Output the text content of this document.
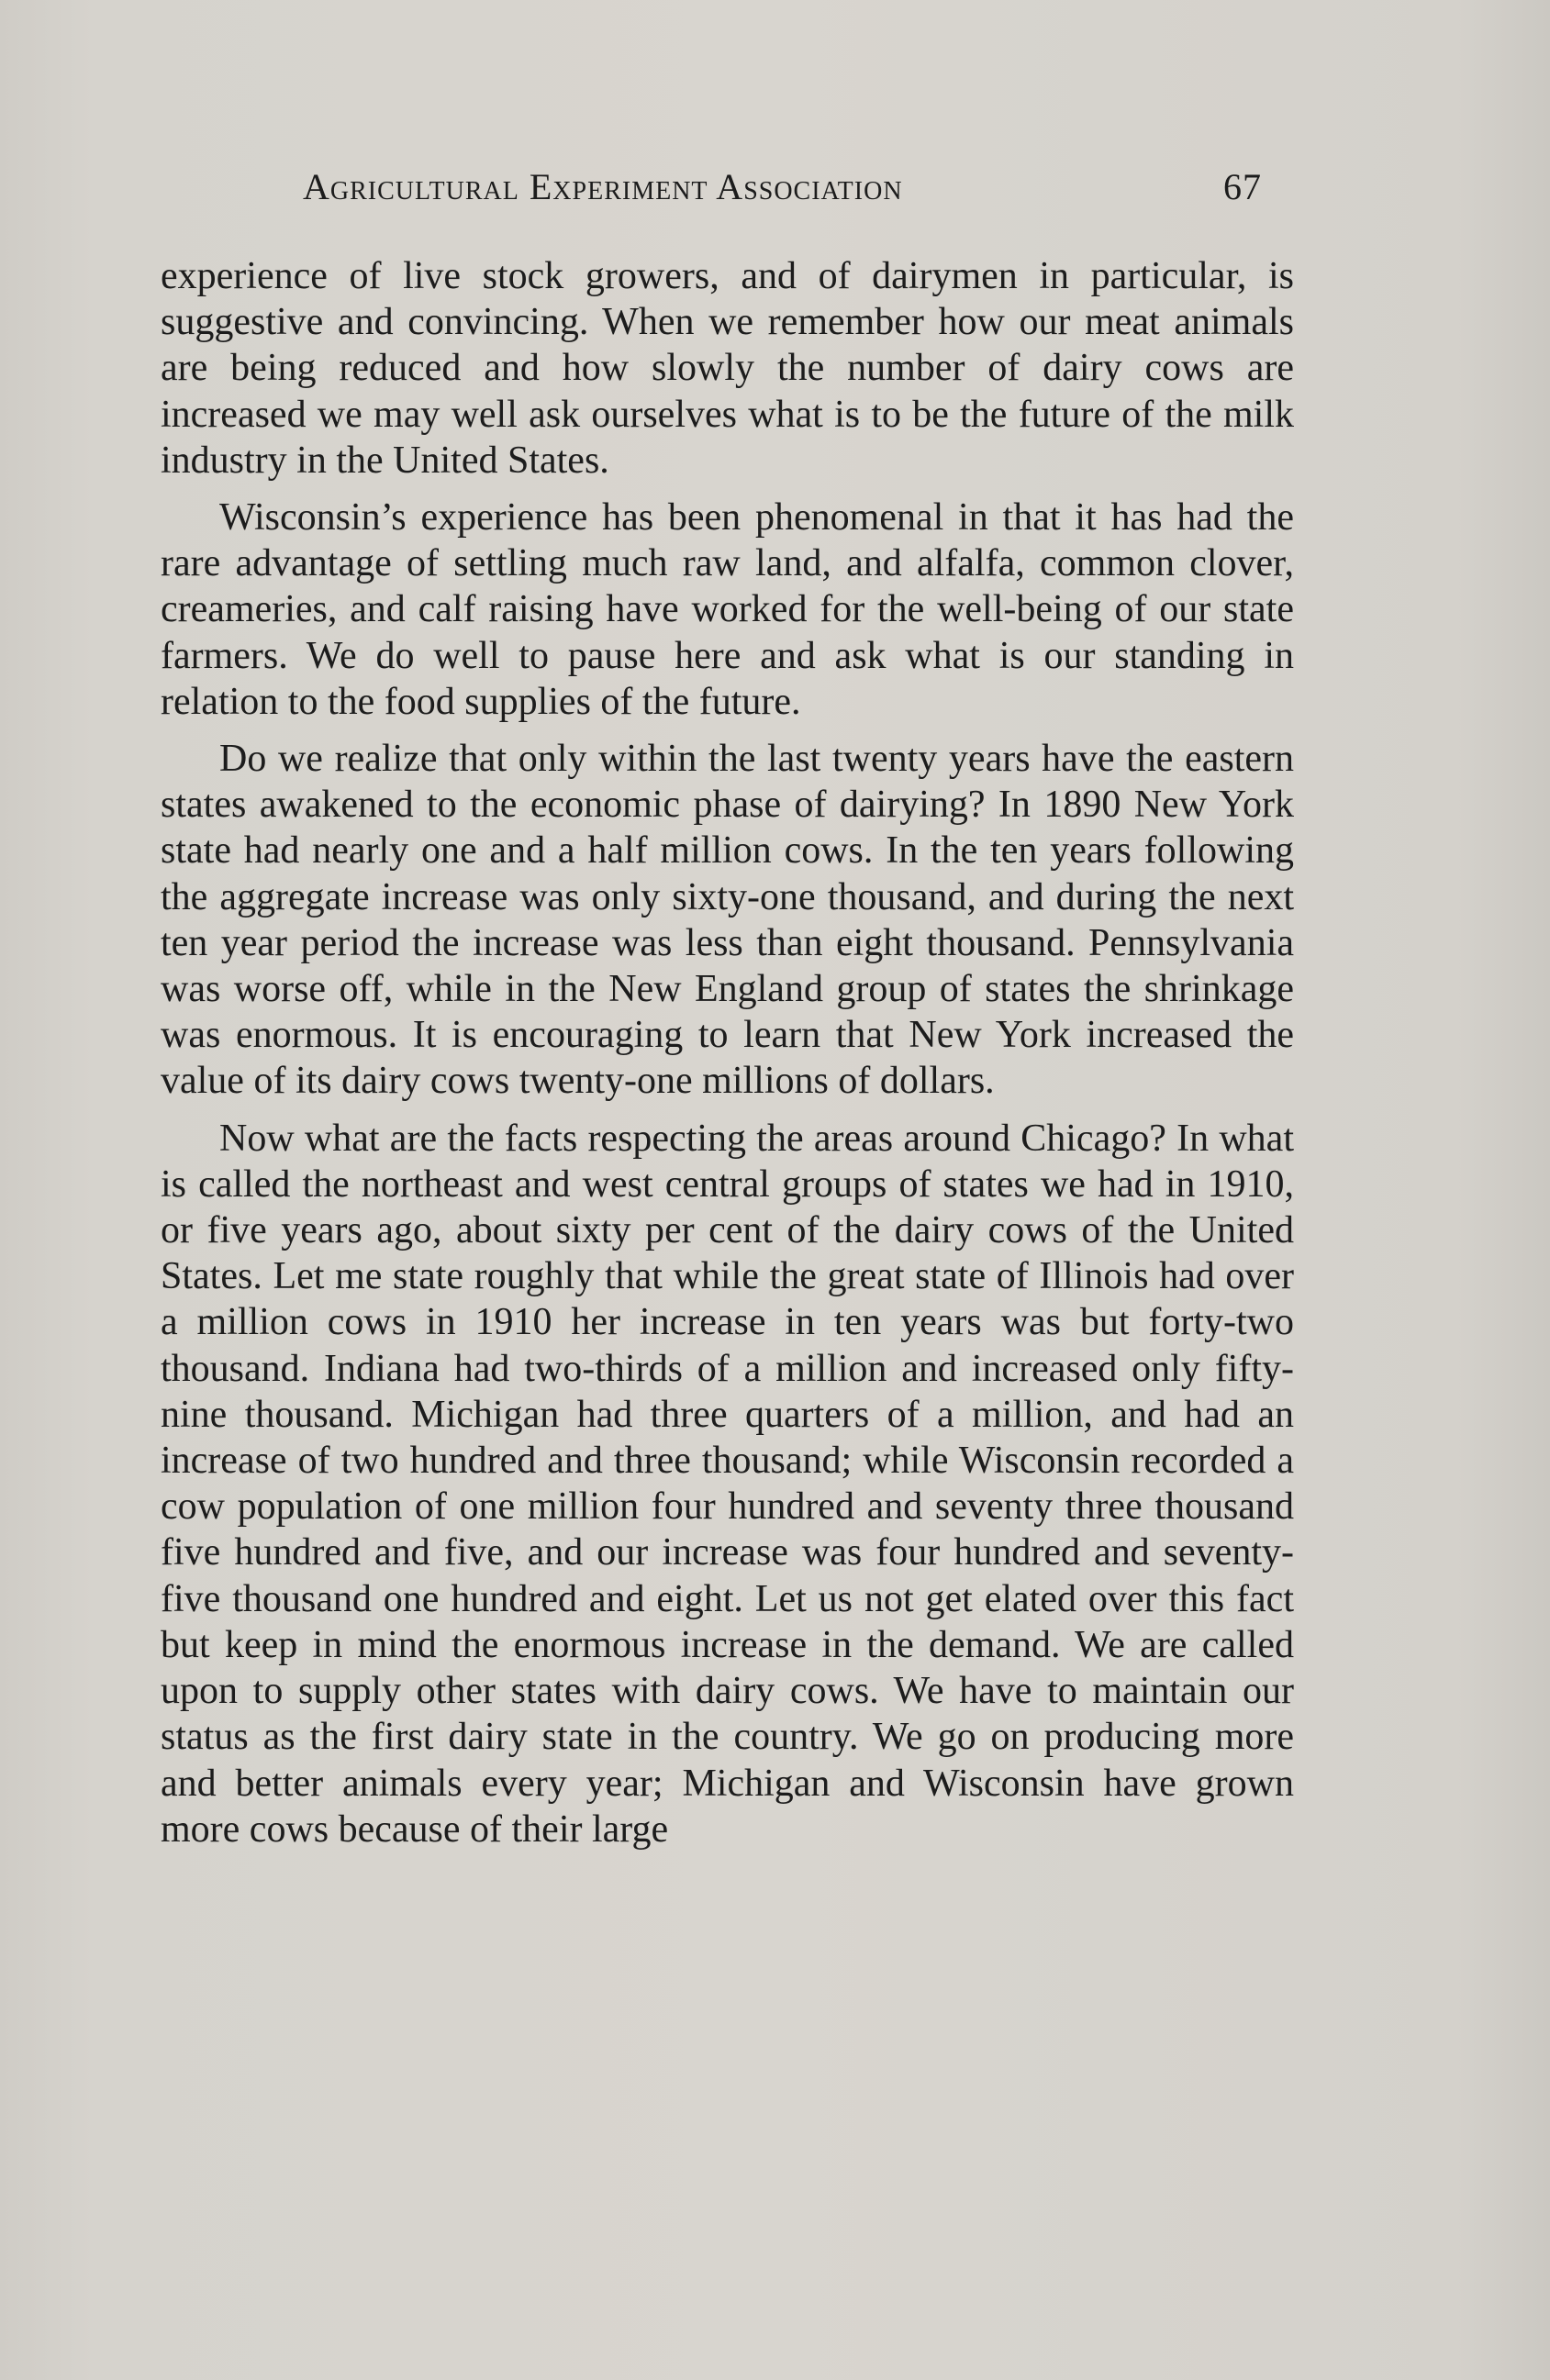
Agricultural Experiment Association	67

experience of live stock growers, and of dairymen in particular, is suggestive and convincing. When we remember how our meat animals are being reduced and how slowly the number of dairy cows are increased we may well ask ourselves what is to be the future of the milk industry in the United States.

Wisconsin’s experience has been phenomenal in that it has had the rare advantage of settling much raw land, and alfalfa, common clover, creameries, and calf raising have worked for the well-being of our state farmers. We do well to pause here and ask what is our standing in relation to the food supplies of the future.

Do we realize that only within the last twenty years have the eastern states awakened to the economic phase of dairying? In 1890 New York state had nearly one and a half million cows. In the ten years following the aggregate increase was only sixty-one thousand, and during the next ten year period the increase was less than eight thousand. Pennsylvania was worse off, while in the New England group of states the shrinkage was enormous. It is encouraging to learn that New York increased the value of its dairy cows twenty-one millions of dollars.

Now what are the facts respecting the areas around Chicago? In what is called the northeast and west central groups of states we had in 1910, or five years ago, about sixty per cent of the dairy cows of the United States. Let me state roughly that while the great state of Illinois had over a million cows in 1910 her increase in ten years was but forty-two thousand. Indiana had two-thirds of a million and increased only fifty-nine thousand. Michigan had three quarters of a million, and had an increase of two hundred and three thousand; while Wisconsin recorded a cow population of one million four hundred and seventy three thousand five hundred and five, and our increase was four hundred and seventy-five thousand one hundred and eight. Let us not get elated over this fact but keep in mind the enormous increase in the demand. We are called upon to supply other states with dairy cows. We have to maintain our status as the first dairy state in the country. We go on producing more and better animals every year; Michigan and Wisconsin have grown more cows because of their large
